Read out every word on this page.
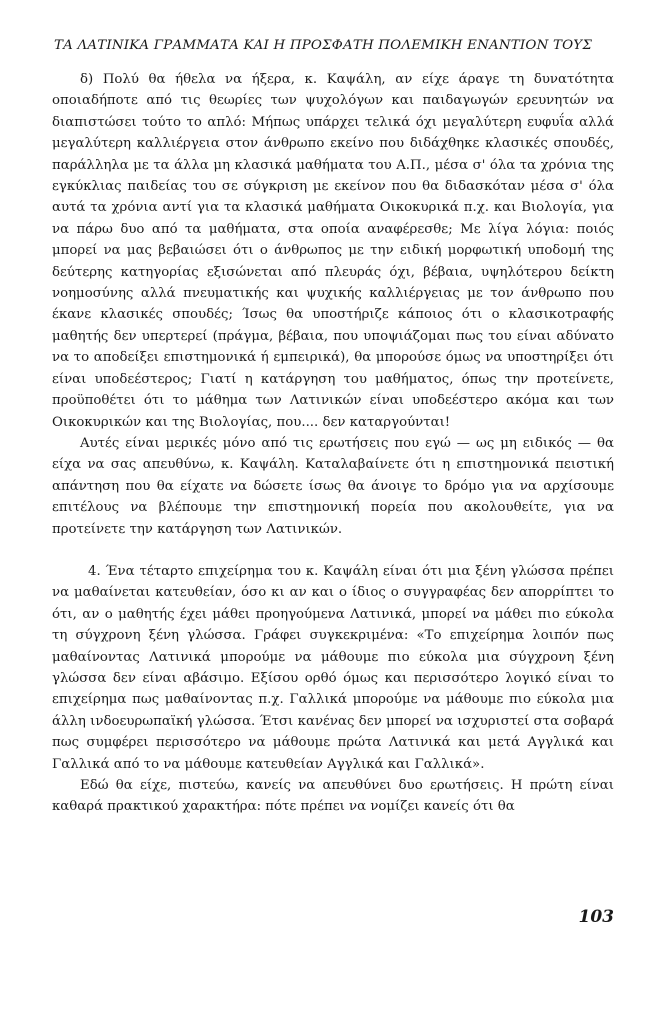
ΤΑ ΛΑΤΙΝΙΚΑ ΓΡΑΜΜΑΤΑ ΚΑΙ Η ΠΡΟΣΦΑΤΗ ΠΟΛΕΜΙΚΗ ΕΝΑΝΤΙΟΝ ΤΟΥΣ

δ) Πολύ θα ήθελα να ήξερα, κ. Καψάλη, αν είχε άραγε τη δυνατότητα οποιαδήποτε από τις θεωρίες των ψυχολόγων και παιδαγωγών ερευνητών να διαπιστώσει τούτο το απλό: Μήπως υπάρχει τελικά όχι μεγαλύτερη ευφυΐα αλλά μεγαλύτερη καλλιέργεια στον άνθρωπο εκείνο που διδάχθηκε κλασικές σπουδές, παράλληλα με τα άλλα μη κλασικά μαθήματα του Α.Π., μέσα σ' όλα τα χρόνια της εγκύκλιας παιδείας του σε σύγκριση με εκείνον που θα διδασκόταν μέσα σ' όλα αυτά τα χρόνια αντί για τα κλασικά μαθήματα Οικοκυρικά π.χ. και Βιολογία, για να πάρω δυο από τα μαθήματα, στα οποία αναφέρεσθε; Με λίγα λόγια: ποιός μπορεί να μας βεβαιώσει ότι ο άνθρωπος με την ειδική μορφωτική υποδομή της δεύτερης κατηγορίας εξισώνεται από πλευράς όχι, βέβαια, υψηλότερου δείκτη νοημοσύνης αλλά πνευματικής και ψυχικής καλλιέργειας με τον άνθρωπο που έκανε κλασικές σπουδές; Ίσως θα υποστήριζε κάποιος ότι ο κλασικοτραφής μαθητής δεν υπερτερεί (πράγμα, βέβαια, που υποψιάζομαι πως του είναι αδύνατο να το αποδείξει επιστημονικά ή εμπειρικά), θα μπορούσε όμως να υποστηρίξει ότι είναι υποδεέστερος; Γιατί η κατάργηση του μαθήματος, όπως την προτείνετε, προϋποθέτει ότι το μάθημα των Λατινικών είναι υποδεέστερο ακόμα και των Οικοκυρικών και της Βιολογίας, που.... δεν καταργούνται!

Αυτές είναι μερικές μόνο από τις ερωτήσεις που εγώ — ως μη ειδικός — θα είχα να σας απευθύνω, κ. Καψάλη. Καταλαβαίνετε ότι η επιστημονικά πειστική απάντηση που θα είχατε να δώσετε ίσως θα άνοιγε το δρόμο για να αρχίσουμε επιτέλους να βλέπουμε την επιστημονική πορεία που ακολουθείτε, για να προτείνετε την κατάργηση των Λατινικών.

4. Ένα τέταρτο επιχείρημα του κ. Καψάλη είναι ότι μια ξένη γλώσσα πρέπει να μαθαίνεται κατευθείαν, όσο κι αν και ο ίδιος ο συγγραφέας δεν απορρίπτει το ότι, αν ο μαθητής έχει μάθει προηγούμενα Λατινικά, μπορεί να μάθει πιο εύκολα τη σύγχρονη ξένη γλώσσα. Γράφει συγκεκριμένα: «Το επιχείρημα λοιπόν πως μαθαίνοντας Λατινικά μπορούμε να μάθουμε πιο εύκολα μια σύγχρονη ξένη γλώσσα δεν είναι αβάσιμο. Εξίσου ορθό όμως και περισσότερο λογικό είναι το επιχείρημα πως μαθαίνοντας π.χ. Γαλλικά μπορούμε να μάθουμε πιο εύκολα μια άλλη ινδοευρωπαϊκή γλώσσα. Έτσι κανένας δεν μπορεί να ισχυριστεί στα σοβαρά πως συμφέρει περισσότερο να μάθουμε πρώτα Λατινικά και μετά Αγγλικά και Γαλλικά από το να μάθουμε κατευθείαν Αγγλικά και Γαλλικά».

Εδώ θα είχε, πιστεύω, κανείς να απευθύνει δυο ερωτήσεις. Η πρώτη είναι καθαρά πρακτικού χαρακτήρα: πότε πρέπει να νομίζει κανείς ότι θα

103
